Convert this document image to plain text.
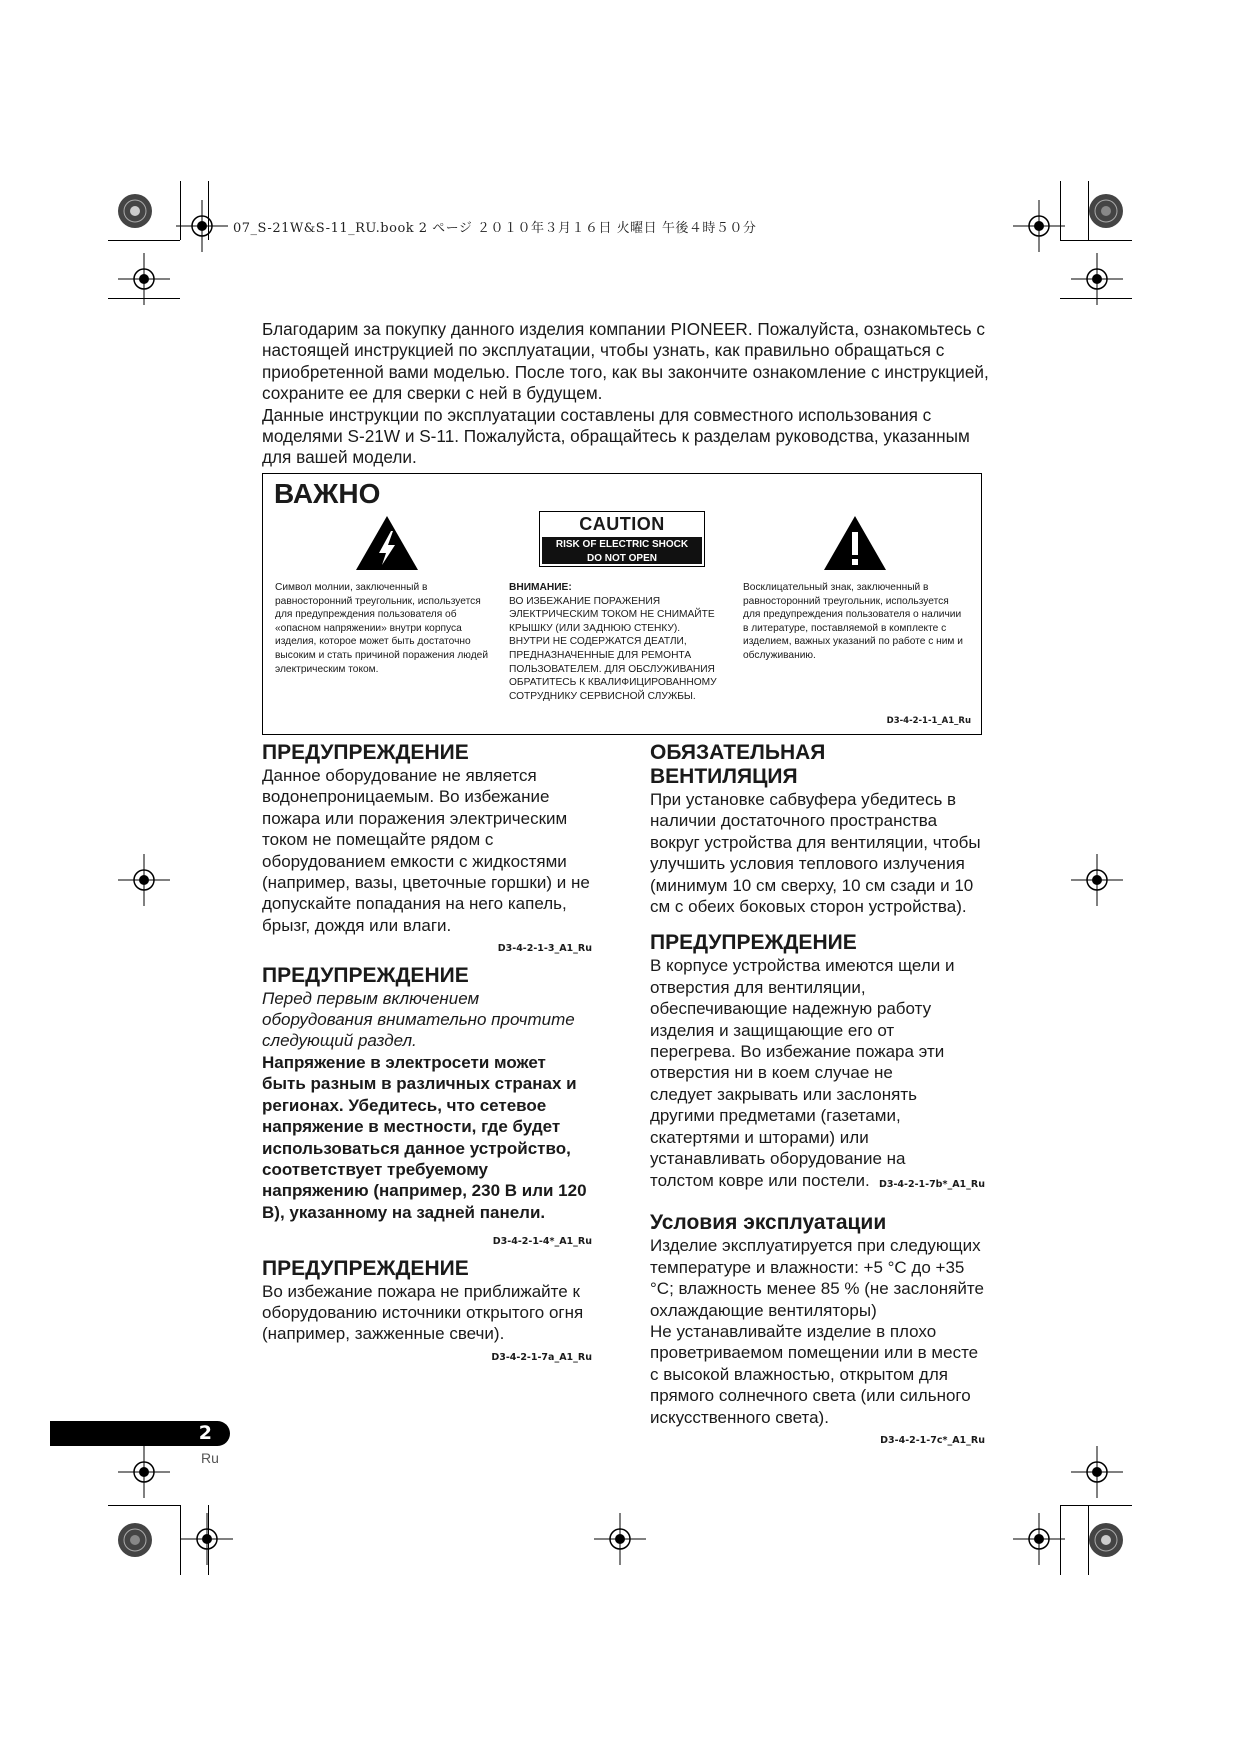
07_S-21W&S-11_RU.book 2 ページ ２０１０年３月１６日 火曜日 午後４時５０分

Благодарим за покупку данного изделия компании PIONEER. Пожалуйста, ознакомьтесь с настоящей инструкцией по эксплуатации, чтобы узнать, как правильно обращаться с приобретенной вами моделью. После того, как вы закончите ознакомление с инструкцией, сохраните ее для сверки с ней в будущем.

Данные инструкции по эксплуатации составлены для совместного использования с моделями S-21W и S-11. Пожалуйста, обращайтесь к разделам руководства, указанным для вашей модели.

ВАЖНО
CAUTION
RISK OF ELECTRIC SHOCK
DO NOT OPEN
Символ молнии, заключенный в равносторонний треугольник, используется для предупреждения пользователя об «опасном напряжении» внутри корпуса изделия, которое может быть достаточно высоким и стать причиной поражения людей электрическим током.
ВНИМАНИЕ:
ВО ИЗБЕЖАНИЕ ПОРАЖЕНИЯ ЭЛЕКТРИЧЕСКИМ ТОКОМ НЕ СНИМАЙТЕ КРЫШКУ (ИЛИ ЗАДНЮЮ СТЕНКУ). ВНУТРИ НЕ СОДЕРЖАТСЯ ДЕАТЛИ, ПРЕДНАЗНАЧЕННЫЕ ДЛЯ РЕМОНТА ПОЛЬЗОВАТЕЛЕМ. ДЛЯ ОБСЛУЖИВАНИЯ ОБРАТИТЕСЬ К КВАЛИФИЦИРОВАННОМУ СОТРУДНИКУ СЕРВИСНОЙ СЛУЖБЫ.
Восклицательный знак, заключенный в равносторонний треугольник, используется для предупреждения пользователя о наличии в литературе, поставляемой в комплекте с изделием, важных указаний по работе с ним и обслуживанию.
D3-4-2-1-1_A1_Ru
ПРЕДУПРЕЖДЕНИЕ

Данное оборудование не является водонепроницаемым. Во избежание пожара или поражения электрическим током не помещайте рядом с оборудованием емкости с жидкостями (например, вазы, цветочные горшки) и не допускайте попадания на него капель, брызг, дождя или влаги.

D3-4-2-1-3_A1_Ru
ПРЕДУПРЕЖДЕНИЕ

Перед первым включением оборудования внимательно прочтите следующий раздел.

Напряжение в электросети может быть разным в различных странах и регионах. Убедитесь, что сетевое напряжение в местности, где будет использоваться данное устройство, соответствует требуемому напряжению (например, 230 В или 120 В), указанному на задней панели.

D3-4-2-1-4*_A1_Ru
ПРЕДУПРЕЖДЕНИЕ

Во избежание пожара не приближайте к оборудованию источники открытого огня (например, зажженные свечи).

D3-4-2-1-7a_A1_Ru
ОБЯЗАТЕЛЬНАЯ ВЕНТИЛЯЦИЯ

При установке сабвуфера убедитесь в наличии достаточного пространства вокруг устройства для вентиляции, чтобы улучшить условия теплового излучения (минимум 10 см сверху, 10 см сзади и 10 см с обеих боковых сторон устройства).

ПРЕДУПРЕЖДЕНИЕ

В корпусе устройства имеются щели и отверстия для вентиляции, обеспечивающие надежную работу изделия и защищающие его от перегрева. Во избежание пожара эти отверстия ни в коем случае не следует закрывать или заслонять другими предметами (газетами, скатертями и шторами) или устанавливать оборудование на толстом ковре или постели. D3-4-2-1-7b*_A1_Ru
Условия эксплуатации

Изделие эксплуатируется при следующих температуре и влажности: +5 °C до +35 °C; влажность менее 85 % (не заслоняйте охлаждающие вентиляторы)

Не устанавливайте изделие в плохо проветриваемом помещении или в месте с высокой влажностью, открытом для прямого солнечного света (или сильного искусственного света).

D3-4-2-1-7c*_A1_Ru
2
Ru
